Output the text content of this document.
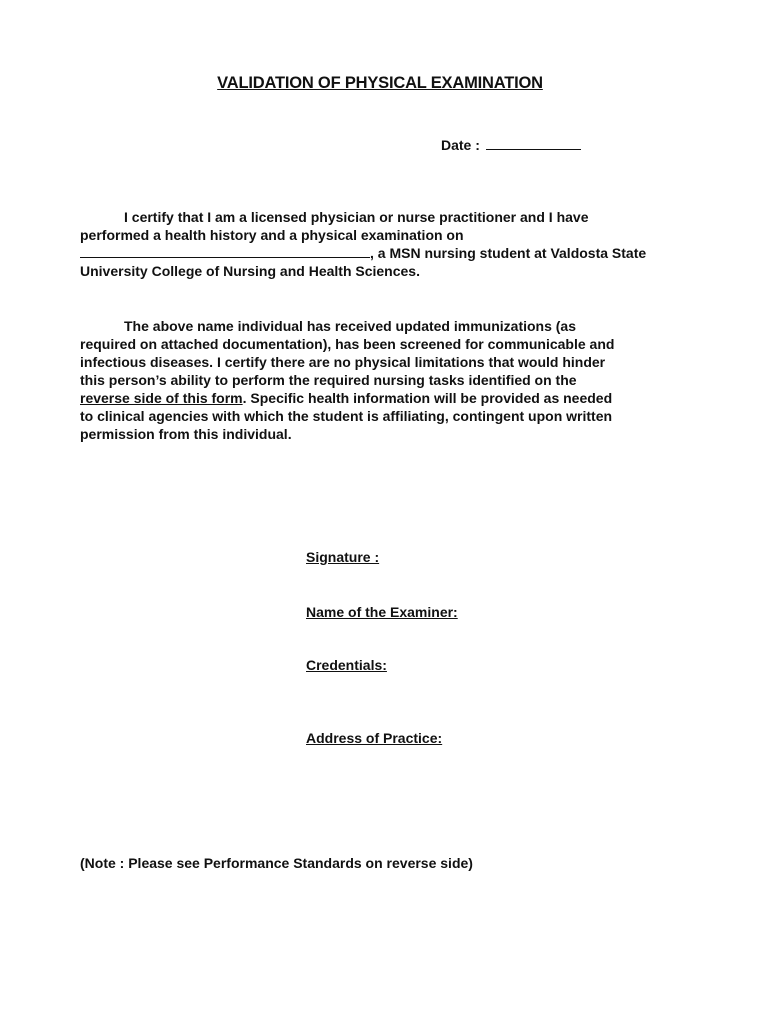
VALIDATION OF PHYSICAL EXAMINATION
Date :
I certify that I am a licensed physician or nurse practitioner and I have
performed a health history and a physical examination on
, a MSN nursing student at Valdosta State
University College of Nursing and Health Sciences.
The above name individual has received updated immunizations (as
required on attached documentation), has been screened for communicable and
infectious diseases. I certify there are no physical limitations that would hinder
this person’s ability to perform the required nursing tasks identified on the
reverse side of this form. Specific health information will be provided as needed
to clinical agencies with which the student is affiliating, contingent upon written
permission from this individual.
Signature :
Name of the Examiner:
Credentials:
Address of Practice:
(Note : Please see Performance Standards on reverse side)
